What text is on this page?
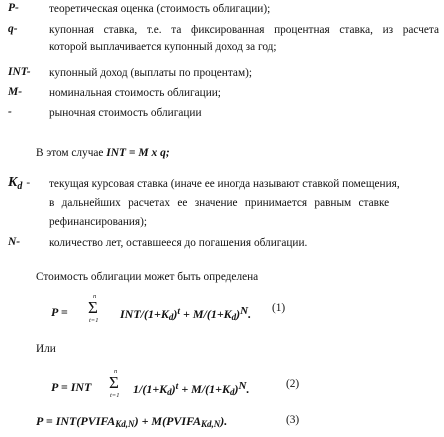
P-	теоретическая оценка (стоимость облигации);
q-	купонная ставка, т.е. та фиксированная процентная ставка, из расчета
которой выплачивается купонный доход за год;
INT- купонный доход (выплаты по процентам);
M- номинальная стоимость облигации;
-	рыночная стоимость облигации
В этом случае INT = M x q;
$K_d$ - текущая курсовая ставка (иначе ее иногда называют ставкой помещения,
в дальнейших расчетах ее значение принимается равным ставке
рефинансирования);
N-	количество лет, оставшееся до погашения облигации.
Стоимость облигации может быть определена
P =
n
Σ
t=1 INT/$(1+K_d)^t + M/(1+K_d)N$. (1)
Или
P = INT
n
Σ
t=1 $1/(1+K_d)^t + M/(1+K_d)N$.	(2)
$P = INT(PVIFA_{Kd,N})$ + $M(PVIFA_{Kd,N})$.	(3)
